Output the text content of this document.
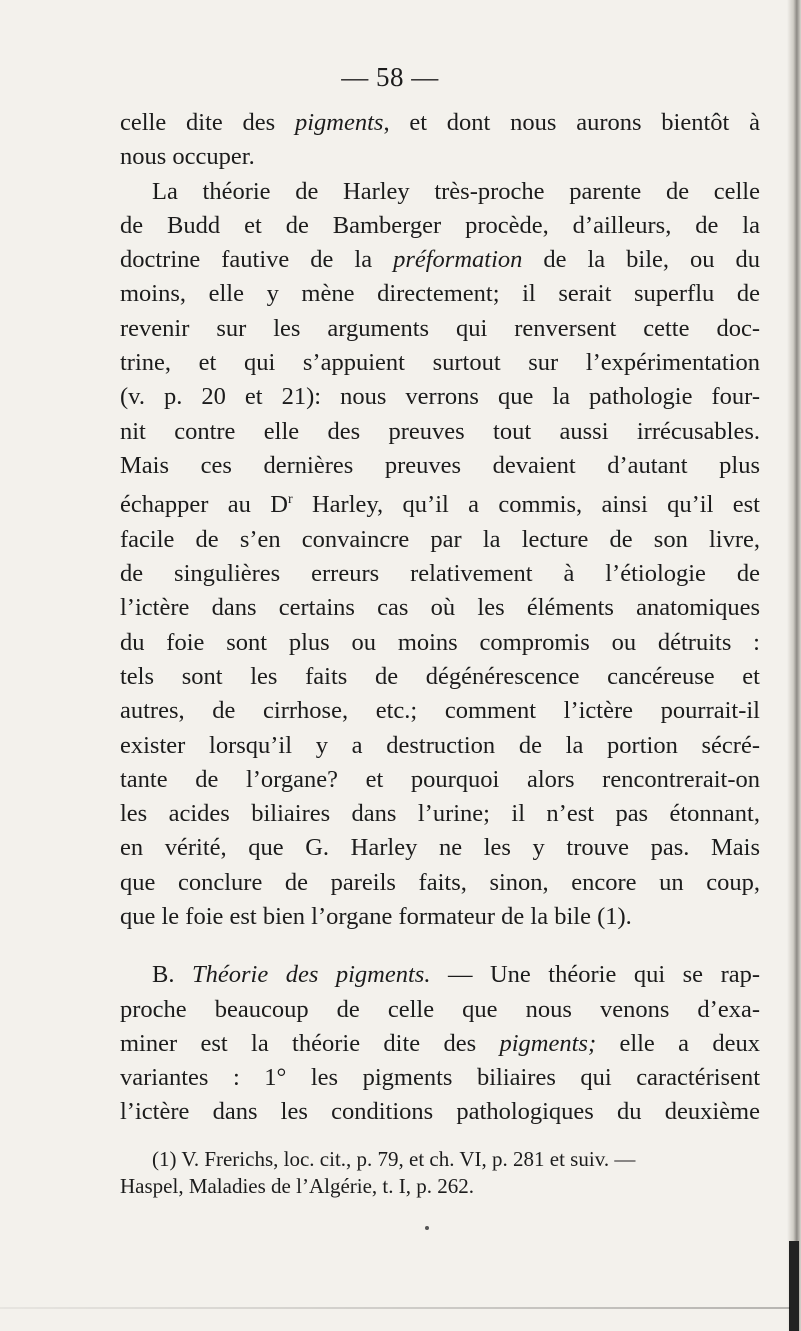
— 58 —

celle dite des pigments, et dont nous aurons bientôt à
nous occuper.

La théorie de Harley très-proche parente de celle
de Budd et de Bamberger procède, d’ailleurs, de la
doctrine fautive de la préformation de la bile, ou du
moins, elle y mène directement; il serait superflu de
revenir sur les arguments qui renversent cette doc-
trine, et qui s’appuient surtout sur l’expérimentation
(v. p. 20 et 21): nous verrons que la pathologie four-
nit contre elle des preuves tout aussi irrécusables.
Mais ces dernières preuves devaient d’autant plus
échapper au $D^r$ Harley, qu’il a commis, ainsi qu’il est
facile de s’en convaincre par la lecture de son livre,
de singulières erreurs relativement à l’étiologie de
l’ictère dans certains cas où les éléments anatomiques
du foie sont plus ou moins compromis ou détruits :
tels sont les faits de dégénérescence cancéreuse et
autres, de cirrhose, etc.; comment l’ictère pourrait-il
exister lorsqu’il y a destruction de la portion sécré-
tante de l’organe? et pourquoi alors rencontrerait-on
les acides biliaires dans l’urine; il n’est pas étonnant,
en vérité, que G. Harley ne les y trouve pas. Mais
que conclure de pareils faits, sinon, encore un coup,
que le foie est bien l’organe formateur de la bile (1).

B. Théorie des pigments. — Une théorie qui se rap-
proche beaucoup de celle que nous venons d’exa-
miner est la théorie dite des pigments; elle a deux
variantes : 1° les pigments biliaires qui caractérisent
l’ictère dans les conditions pathologiques du deuxième

(1) V. Frerichs, loc. cit., p. 79, et ch. VI, p. 281 et suiv. —
Haspel, Maladies de l’Algérie, t. I, p. 262.
